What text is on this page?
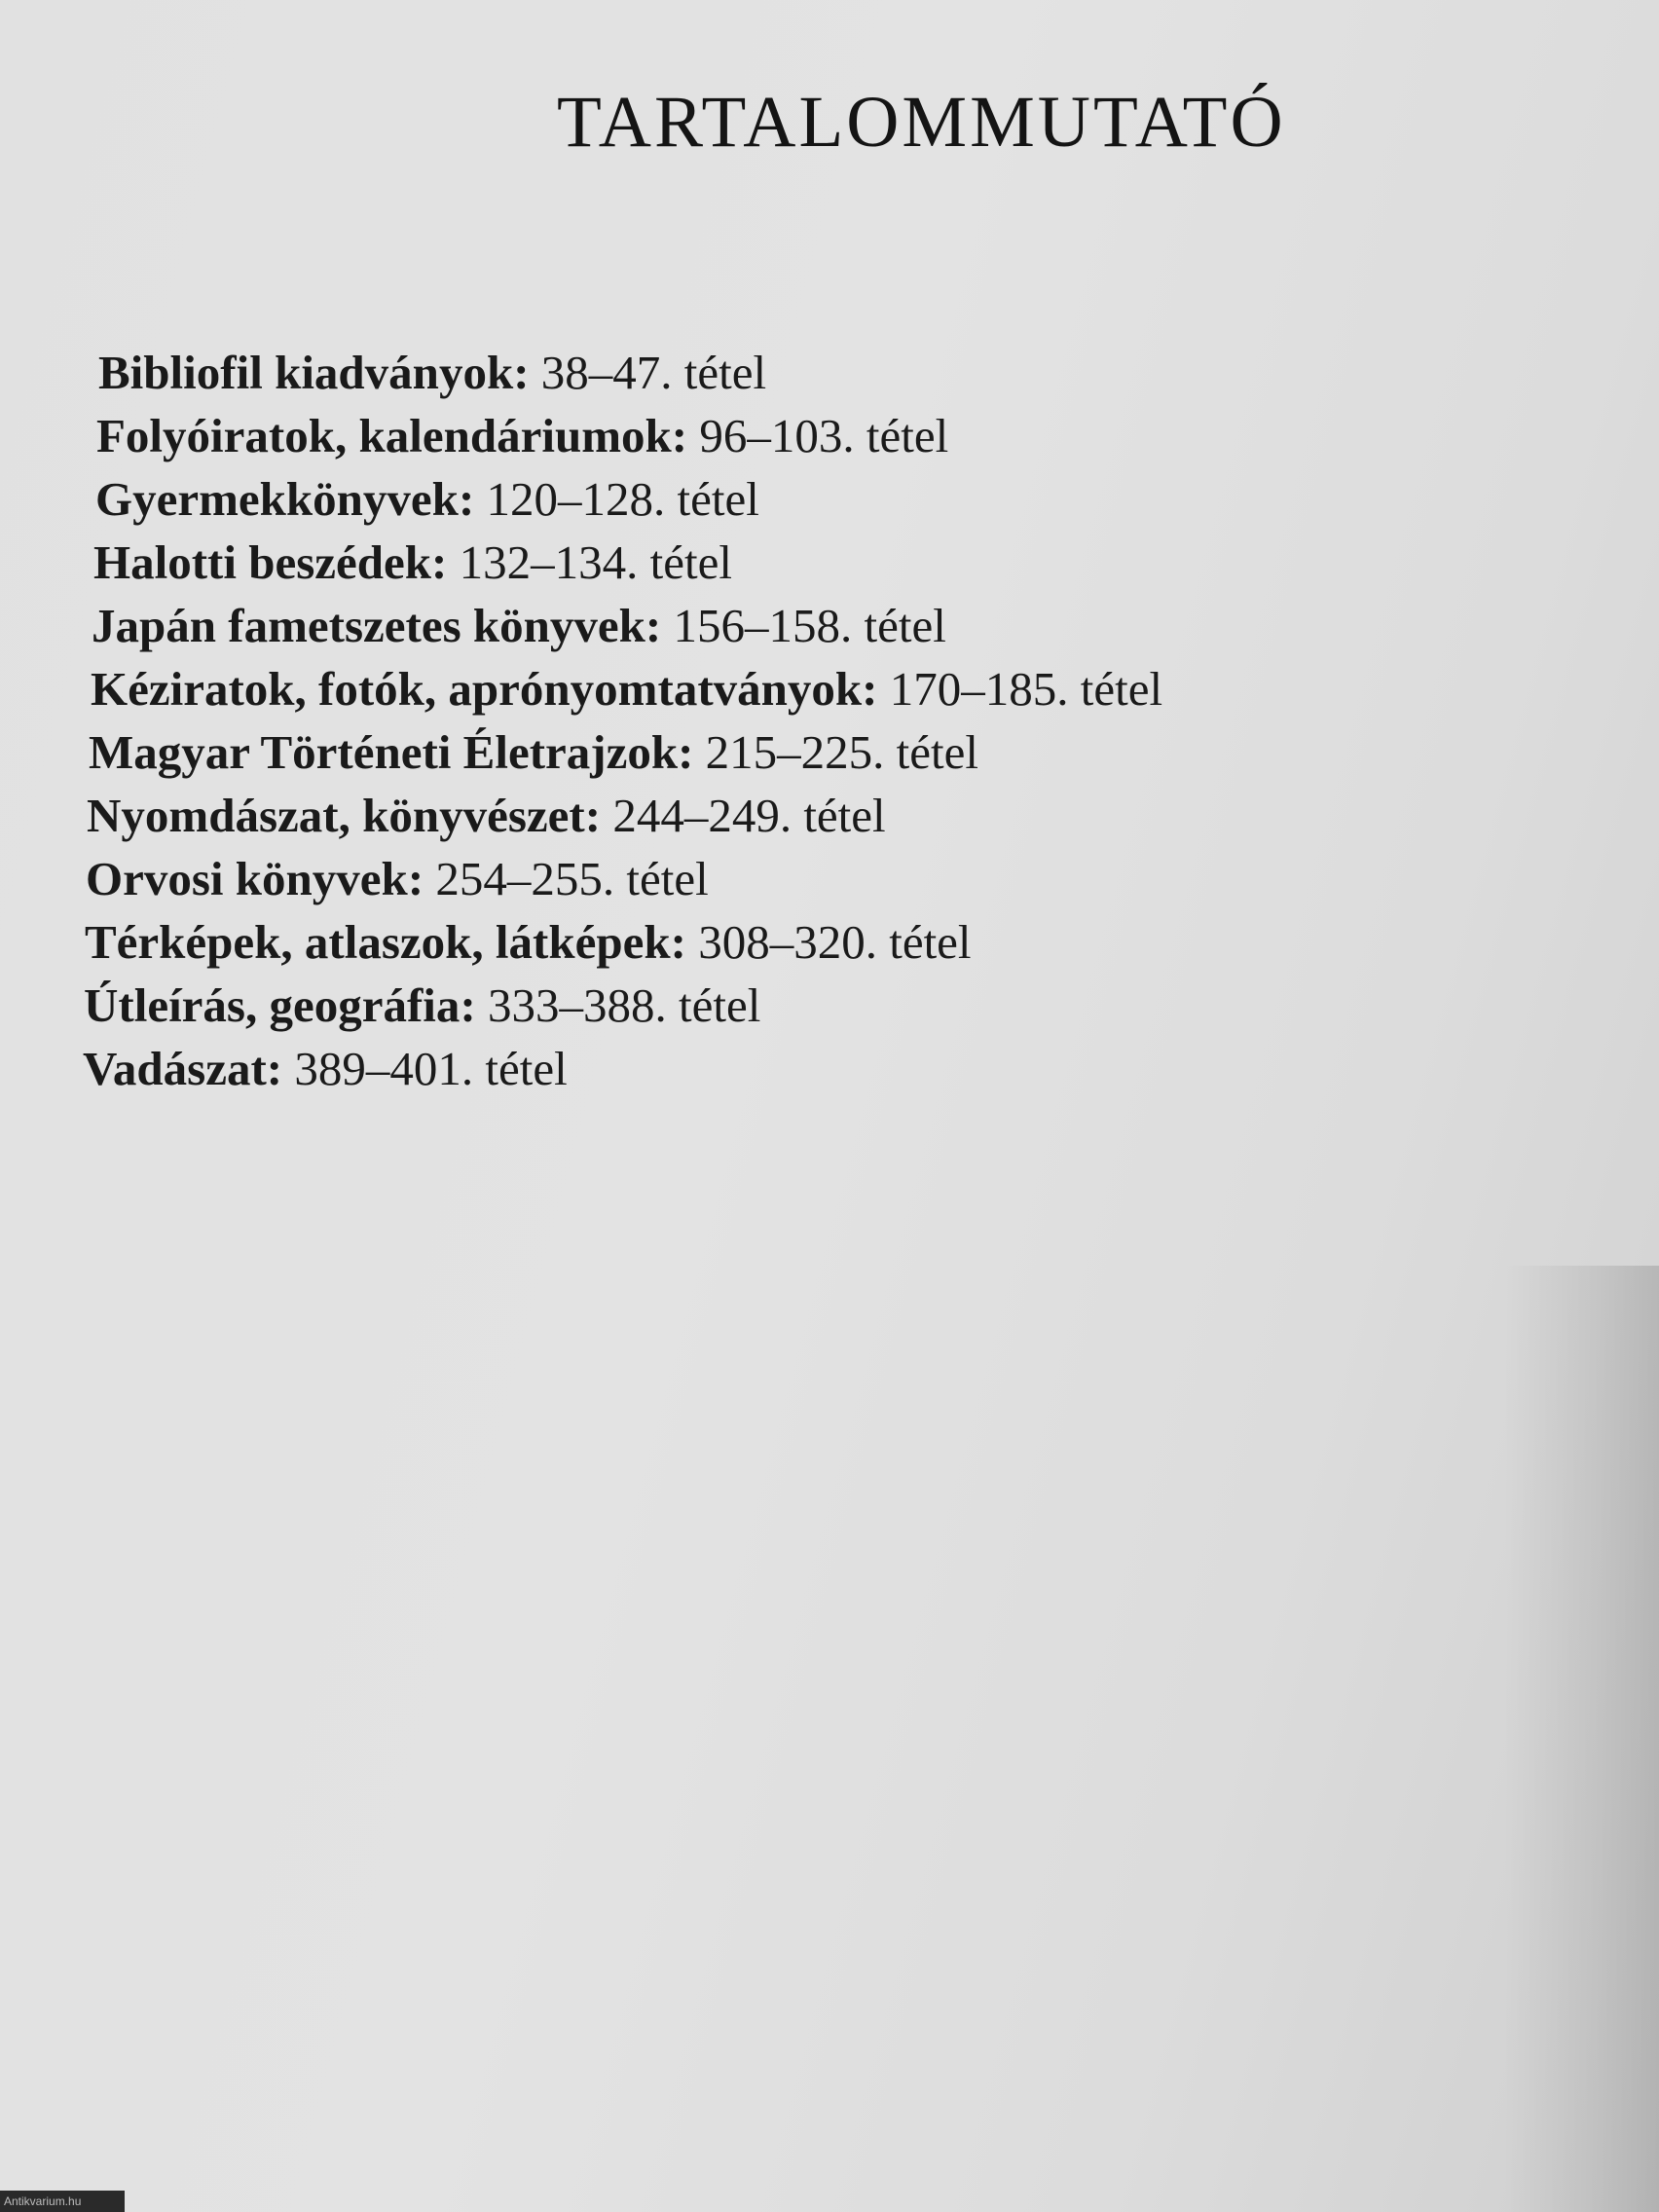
TARTALOMMUTATÓ
Bibliofil kiadványok: 38–47. tétel
Folyóiratok, kalendáriumok: 96–103. tétel
Gyermekkönyvek: 120–128. tétel
Halotti beszédek: 132–134. tétel
Japán fametszetes könyvek: 156–158. tétel
Kéziratok, fotók, aprónyomtatványok: 170–185. tétel
Magyar Történeti Életrajzok: 215–225. tétel
Nyomdászat, könyvészet: 244–249. tétel
Orvosi könyvek: 254–255. tétel
Térképek, atlaszok, látképek: 308–320. tétel
Útleírás, geográfia: 333–388. tétel
Vadászat: 389–401. tétel
Antikvarium.hu
